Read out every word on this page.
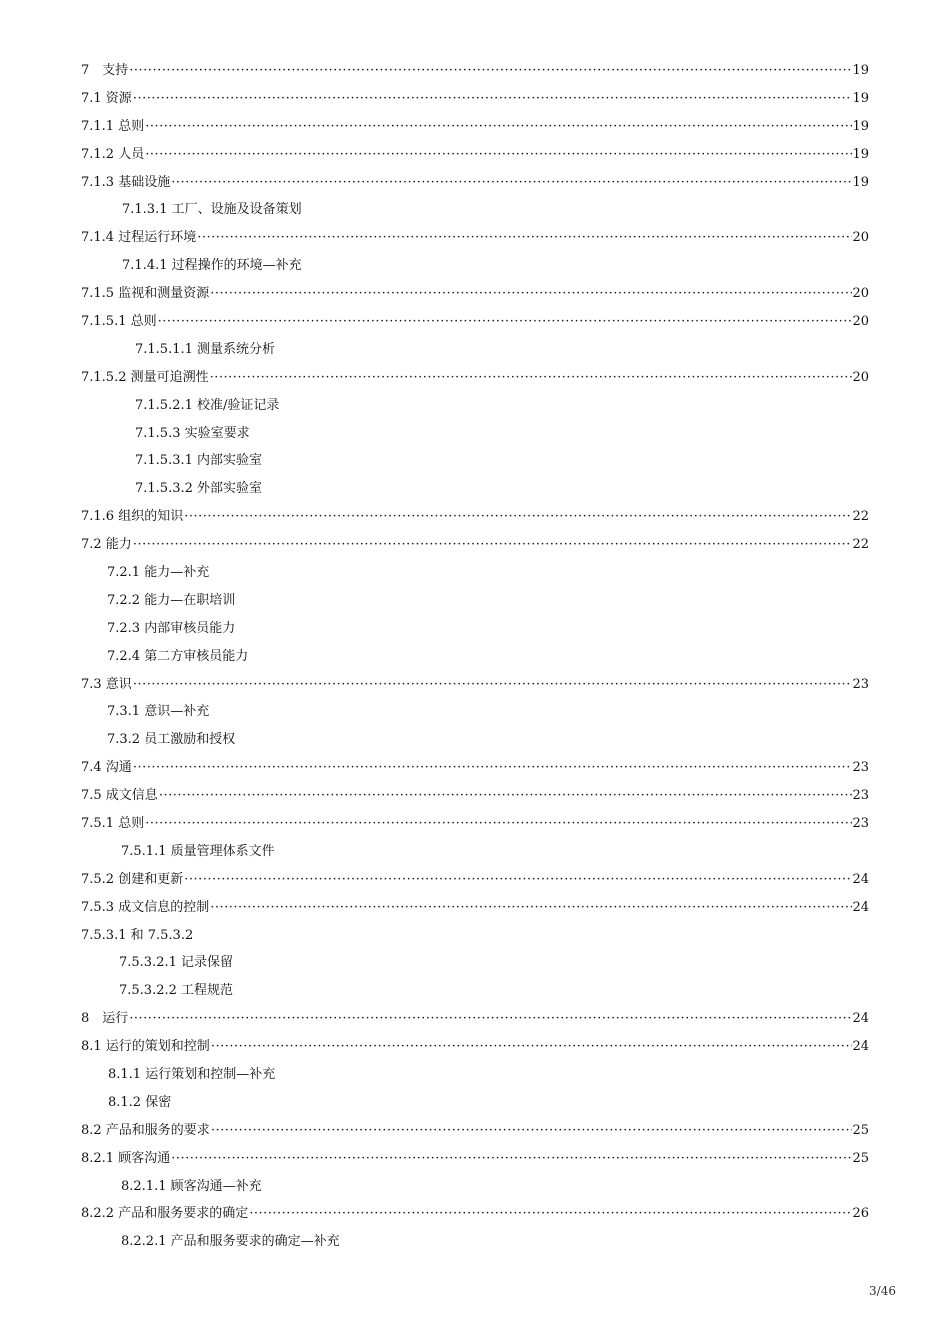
7　支持 ·····	19
7.1 资源 ·····	19
7.1.1 总则 ·····	19
7.1.2 人员 ·····	19
7.1.3 基础设施 ·····	19
7.1.3.1 工厂、设施及设备策划
7.1.4 过程运行环境 ·····	20
7.1.4.1 过程操作的环境—补充
7.1.5 监视和测量资源 ·····	20
7.1.5.1 总则 ·····	20
7.1.5.1.1 测量系统分析
7.1.5.2 测量可追溯性 ·····	20
7.1.5.2.1 校准/验证记录
7.1.5.3 实验室要求
7.1.5.3.1 内部实验室
7.1.5.3.2 外部实验室
7.1.6 组织的知识 ·····	22
7.2 能力 ·····	22
7.2.1 能力—补充
7.2.2 能力—在职培训
7.2.3 内部审核员能力
7.2.4 第二方审核员能力
7.3 意识 ·····	23
7.3.1 意识—补充
7.3.2 员工激励和授权
7.4 沟通 ·····	23
7.5 成文信息 ·····	23
7.5.1 总则 ·····	23
7.5.1.1 质量管理体系文件
7.5.2 创建和更新 ·····	24
7.5.3 成文信息的控制 ·····	24
7.5.3.1 和 7.5.3.2
7.5.3.2.1 记录保留
7.5.3.2.2 工程规范
8　运行 ·····	24
8.1 运行的策划和控制 ·····	24
8.1.1 运行策划和控制—补充
8.1.2 保密
8.2 产品和服务的要求 ·····	25
8.2.1 顾客沟通 ·····	25
8.2.1.1 顾客沟通—补充
8.2.2 产品和服务要求的确定 ·····	26
8.2.2.1 产品和服务要求的确定—补充
3/46
